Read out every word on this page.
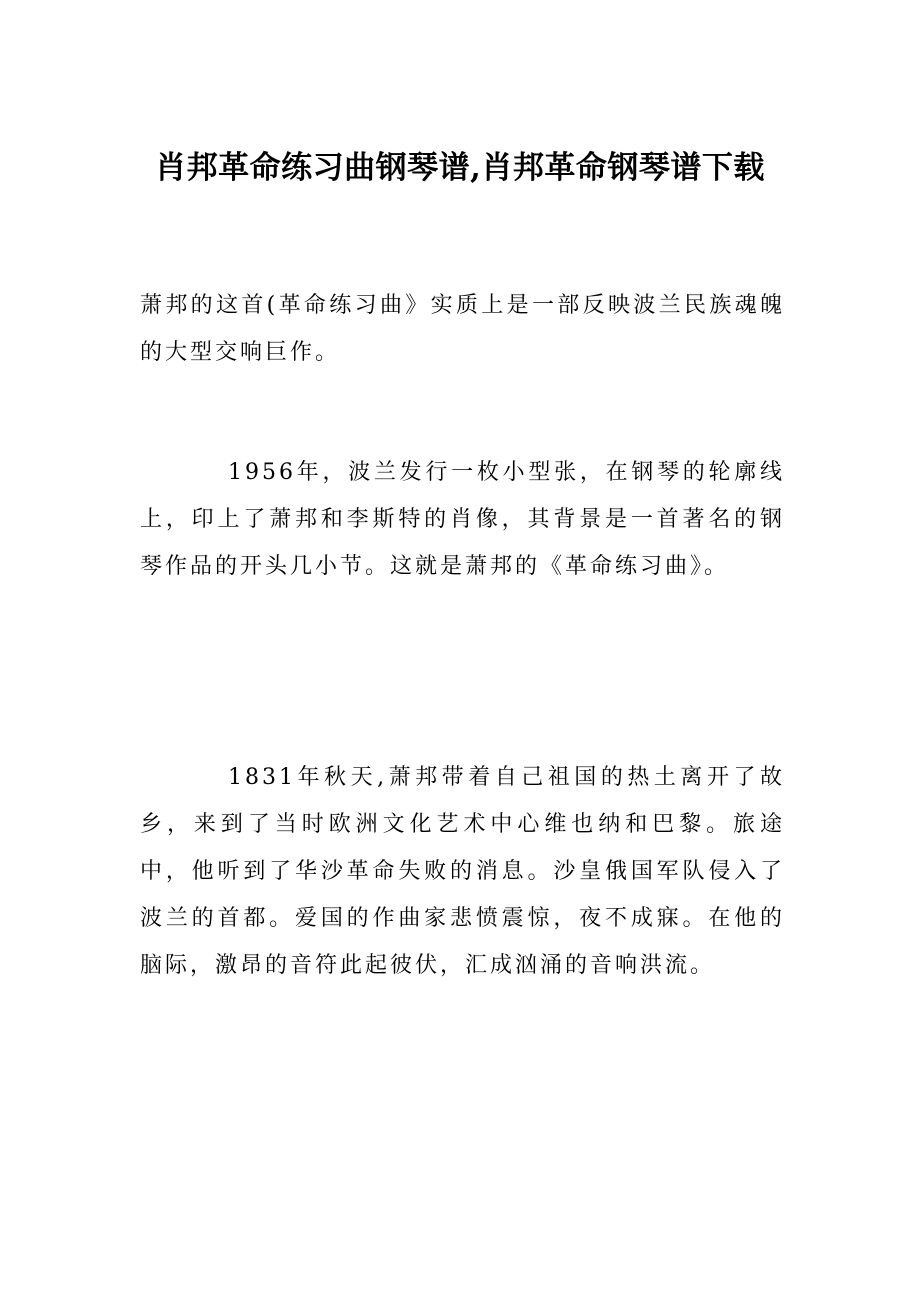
肖邦革命练习曲钢琴谱,肖邦革命钢琴谱下载

萧邦的这首(革命练习曲》实质上是一部反映波兰民族魂魄的大型交响巨作。

1956年，波兰发行一枚小型张，在钢琴的轮廓线上，印上了萧邦和李斯特的肖像，其背景是一首著名的钢琴作品的开头几小节。这就是萧邦的《革命练习曲》。

1831年秋天,萧邦带着自己祖国的热土离开了故乡，来到了当时欧洲文化艺术中心维也纳和巴黎。旅途中，他听到了华沙革命失败的消息。沙皇俄国军队侵入了波兰的首都。爱国的作曲家悲愤震惊，夜不成寐。在他的脑际，激昂的音符此起彼伏，汇成汹涌的音响洪流。
